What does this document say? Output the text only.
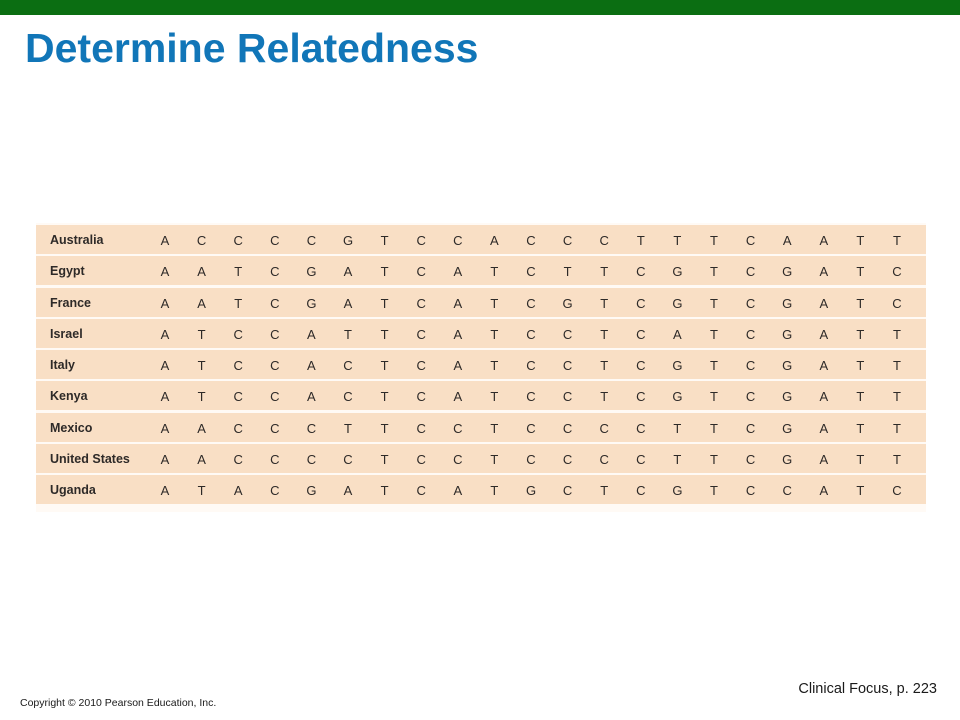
Determine Relatedness
Australia	A	C	C	C	C	G	T	C	C	A	C	C	C	T	T	T	C	A	A	T	T
Egypt	A	A	T	C	G	A	T	C	A	T	C	T	T	C	G	T	C	G	A	T	C
France	A	A	T	C	G	A	T	C	A	T	C	G	T	C	G	T	C	G	A	T	C
Israel	A	T	C	C	A	T	T	C	A	T	C	C	T	C	A	T	C	G	A	T	T
Italy	A	T	C	C	A	C	T	C	A	T	C	C	T	C	G	T	C	G	A	T	T
Kenya	A	T	C	C	A	C	T	C	A	T	C	C	T	C	G	T	C	G	A	T	T
Mexico	A	A	C	C	C	T	T	C	C	T	C	C	C	C	T	T	C	G	A	T	T
United States	A	A	C	C	C	C	T	C	C	T	C	C	C	C	T	T	C	G	A	T	T
Uganda	A	T	A	C	G	A	T	C	A	T	G	C	T	C	G	T	C	C	A	T	C
Clinical Focus, p. 223
Copyright © 2010 Pearson Education, Inc.
